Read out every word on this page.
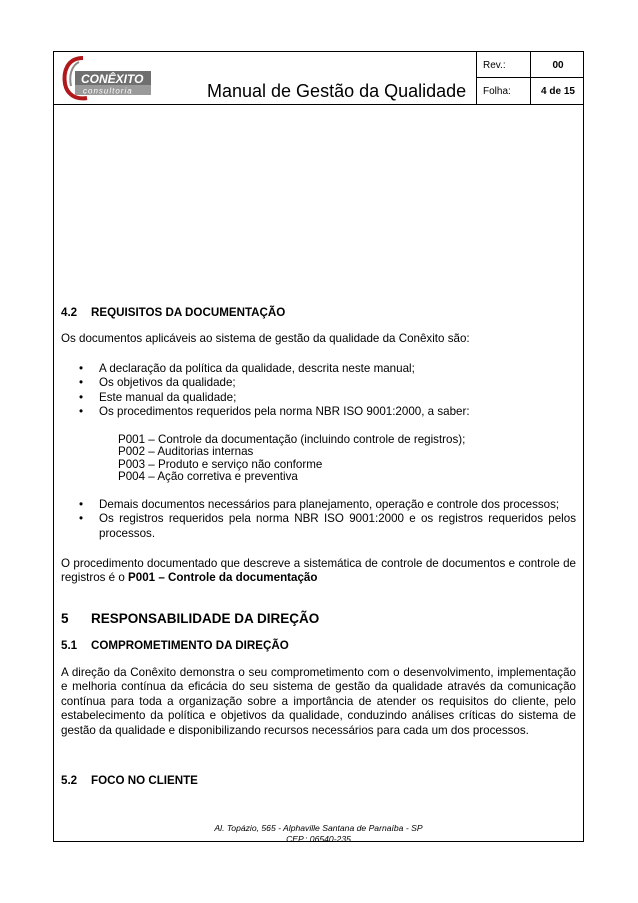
CONÊXITO
consultoria	Manual de Gestão da Qualidade
Rev.:
Folha:
00
4 de 15
4.2 REQUISITOS DA DOCUMENTAÇÃO
Os documentos aplicáveis ao sistema de gestão da qualidade da Conêxito são:
• A declaração da política da qualidade, descrita neste manual;
• Os objetivos da qualidade;
• Este manual da qualidade;
• Os procedimentos requeridos pela norma NBR ISO 9001:2000, a saber:
P001 – Controle da documentação (incluindo controle de registros);
P002 – Auditorias internas
P003 – Produto e serviço não conforme
P004 – Ação corretiva e preventiva
• Demais documentos necessários para planejamento, operação e controle dos processos;
• Os registros requeridos pela norma NBR ISO 9001:2000 e os registros requeridos pelos processos.
O procedimento documentado que descreve a sistemática de controle de documentos e controle de registros é o P001 – Controle da documentação
5 RESPONSABILIDADE DA DIREÇÃO
5.1 COMPROMETIMENTO DA DIREÇÃO
A direção da Conêxito demonstra o seu comprometimento com o desenvolvimento, implementação e melhoria contínua da eficácia do seu sistema de gestão da qualidade através da comunicação contínua para toda a organização sobre a importância de atender os requisitos do cliente, pelo estabelecimento da política e objetivos da qualidade, conduzindo análises críticas do sistema de gestão da qualidade e disponibilizando recursos necessários para cada um dos processos.
5.2 FOCO NO CLIENTE
Al. Topázio, 565 - Alphaville Santana de Parnaíba - SP
CEP.: 06540-235
